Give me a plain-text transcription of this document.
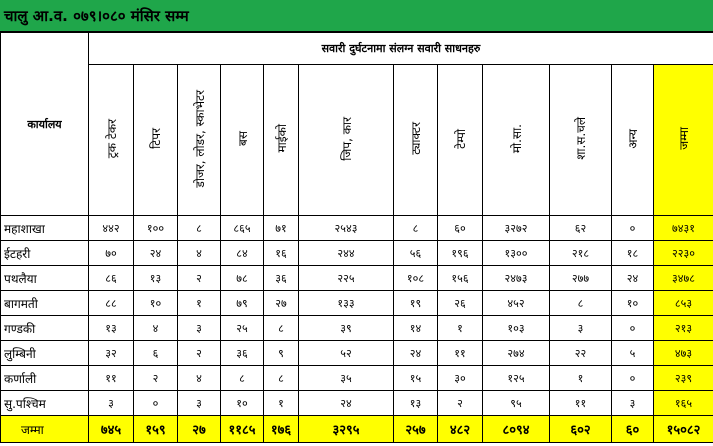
चालु आ.व. ०७९।०८० मंसिर सम्म
कार्यालय	सवारी दुर्घटनामा संलग्न सवारी साधनहरु											
	ट्रक टेकर	टिपर	डोजर, लोडर, स्काभेटर	बस	माईको	जिप, कार	ट्याक्टर	टेम्पो	मो.सा.	शा.स.चले	अन्य	जम्मा
महाशाखा	४४२	१००	८	८६५	७१	२५४३	८	६०	३२७२	६२	०	७४३१
ईटहरी	७०	२४	४	८४	१६	२४४	५६	१९६	१३००	२१८	१८	२२३०
पथलैया	८६	१३	२	७८	३६	२२५	१०८	१५६	२४७३	२७७	२४	३४७८
बागमती	८८	१०	१	७९	२७	१३३	१९	२६	४५२	८	१०	८५३
गण्डकी	१३	४	३	२५	८	३९	१४	१	१०३	३	०	२१३
लुम्बिनी	३२	६	२	३६	९	५२	२४	११	२७४	२२	५	४७३
कर्णाली	११	२	४	८	८	३५	१५	३०	१२५	१	०	२३९
सु.पश्चिम	३	०	३	१०	१	२४	१३	२	९५	११	३	१६५
जम्मा	७४५	१५९	२७	११८५	१७६	३२९५	२५७	४८२	८०९४	६०२	६०	१५०८२
